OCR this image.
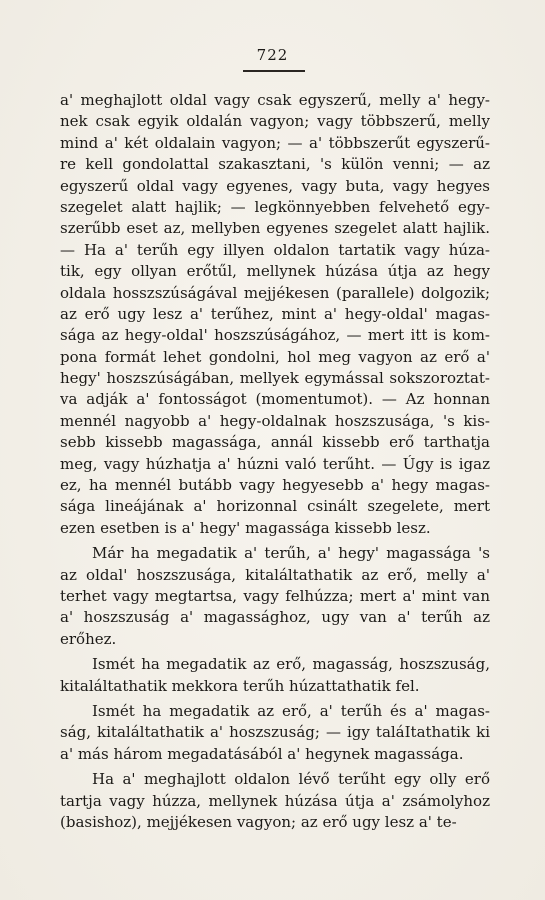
722
a' meghajlott oldal vagy csak egyszerű, melly a' hegy-
nek csak egyik oldalán vagyon; vagy többszerű, melly
mind a' két oldalain vagyon; — a' többszerűt egyszerű-
re kell gondolattal szakasztani, 's külön venni; — az
egyszerű oldal vagy egyenes, vagy buta, vagy hegyes
szegelet alatt hajlik; — legkönnyebben felvehető egy-
szerűbb eset az, mellyben egyenes szegelet alatt hajlik.
— Ha a' terűh egy illyen oldalon tartatik vagy húza-
tik, egy ollyan erőtűl, mellynek húzása útja az hegy
oldala hosszszúságával mejjékesen (parallele) dolgozik;
az erő ugy lesz a' terűhez, mint a' hegy-oldal' magas-
sága az hegy-oldal' hoszszúságához, — mert itt is kom-
pona formát lehet gondolni, hol meg vagyon az erő a'
hegy' hoszszúságában, mellyek egymással sokszoroztat-
va adják a' fontosságot (momentumot). — Az honnan
mennél nagyobb a' hegy-oldalnak hoszszusága, 's kis-
sebb kissebb magassága, annál kissebb erő tarthatja
meg, vagy húzhatja a' húzni való terűht. — Úgy is igaz
ez, ha mennél butább vagy hegyesebb a' hegy magas-
sága lineájának a' horizonnal csinált szegelete, mert
ezen esetben is a' hegy' magassága kissebb lesz.
Már ha megadatik a' terűh, a' hegy' magassága 's
az oldal' hoszszusága, kitaláltathatik az erő, melly a'
terhet vagy megtartsa, vagy felhúzza; mert a' mint van
a' hoszszuság a' magassághoz, ugy van a' terűh az
erőhez.
Ismét ha megadatik az erő, magasság, hoszszuság,
kitaláltathatik mekkora terűh húzattathatik fel.
Ismét ha megadatik az erő, a' terűh és a' magas-
ság, kitaláltathatik a' hoszszuság; — igy taláItathatik ki
a' más három megadatásából a' hegynek magassága.
Ha a' meghajlott oldalon lévő terűht egy olly erő
tartja vagy húzza, mellynek húzása útja a' zsámolyhoz
(basishoz), mejjékesen vagyon; az erő ugy lesz a' te-
